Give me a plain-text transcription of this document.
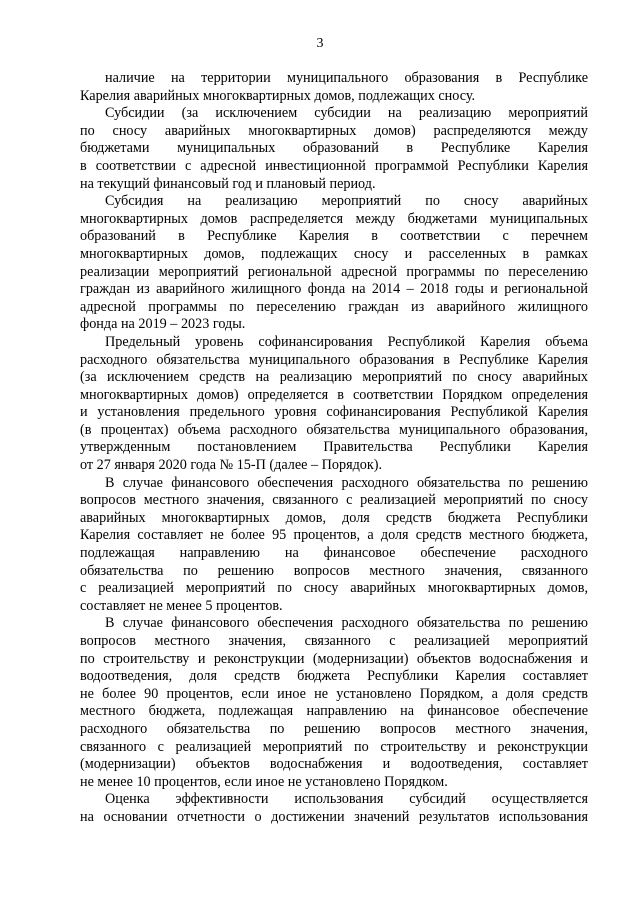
3
наличие на территории муниципального образования в Республике
Карелия аварийных многоквартирных домов, подлежащих сносу.
Субсидии (за исключением субсидии на реализацию мероприятий
по сносу аварийных многоквартирных домов) распределяются между
бюджетами муниципальных образований в Республике Карелия
в соответствии с адресной инвестиционной программой Республики Карелия
на текущий финансовый год и плановый период.
Субсидия на реализацию мероприятий по сносу аварийных
многоквартирных домов распределяется между бюджетами муниципальных
образований в Республике Карелия в соответствии с перечнем
многоквартирных домов, подлежащих сносу и расселенных в рамках
реализации мероприятий региональной адресной программы по переселению
граждан из аварийного жилищного фонда на 2014 – 2018 годы и региональной
адресной программы по переселению граждан из аварийного жилищного
фонда на 2019 – 2023 годы.
Предельный уровень софинансирования Республикой Карелия объема
расходного обязательства муниципального образования в Республике Карелия
(за исключением средств на реализацию мероприятий по сносу аварийных
многоквартирных домов) определяется в соответствии Порядком определения
и установления предельного уровня софинансирования Республикой Карелия
(в процентах) объема расходного обязательства муниципального образования,
утвержденным постановлением Правительства Республики Карелия
от 27 января 2020 года № 15-П (далее – Порядок).
В случае финансового обеспечения расходного обязательства по решению
вопросов местного значения, связанного с реализацией мероприятий по сносу
аварийных многоквартирных домов, доля средств бюджета Республики
Карелия составляет не более 95 процентов, а доля средств местного бюджета,
подлежащая направлению на финансовое обеспечение расходного
обязательства по решению вопросов местного значения, связанного
с реализацией мероприятий по сносу аварийных многоквартирных домов,
составляет не менее 5 процентов.
В случае финансового обеспечения расходного обязательства по решению
вопросов местного значения, связанного с реализацией мероприятий
по строительству и реконструкции (модернизации) объектов водоснабжения и
водоотведения, доля средств бюджета Республики Карелия составляет
не более 90 процентов, если иное не установлено Порядком, а доля средств
местного бюджета, подлежащая направлению на финансовое обеспечение
расходного обязательства по решению вопросов местного значения,
связанного с реализацией мероприятий по строительству и реконструкции
(модернизации) объектов водоснабжения и водоотведения, составляет
не менее 10 процентов, если иное не установлено Порядком.
Оценка эффективности использования субсидий осуществляется
на основании отчетности о достижении значений результатов использования
